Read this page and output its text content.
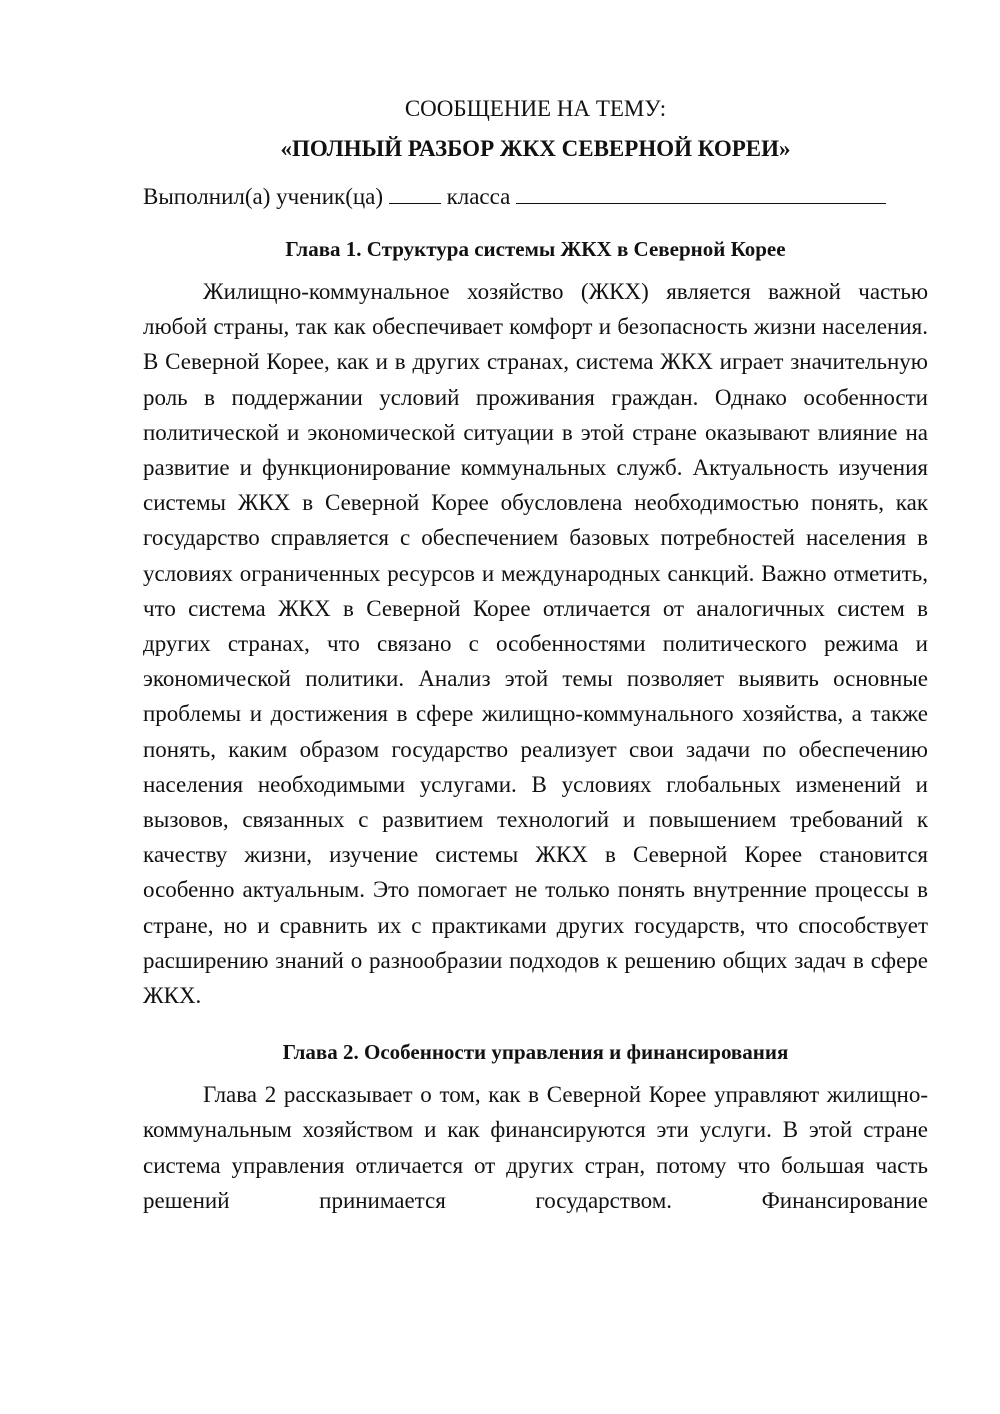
СООБЩЕНИЕ НА ТЕМУ:
«ПОЛНЫЙ РАЗБОР ЖКХ СЕВЕРНОЙ КОРЕИ»

Выполнил(а) ученик(ца)	класса

Глава 1. Структура системы ЖКХ в Северной Корее

Жилищно-коммунальное хозяйство (ЖКХ) является важной частью любой страны, так как обеспечивает комфорт и безопасность жизни населения. В Северной Корее, как и в других странах, система ЖКХ играет значительную роль в поддержании условий проживания граждан. Однако особенности политической и экономической ситуации в этой стране оказывают влияние на развитие и функционирование коммунальных служб. Актуальность изучения системы ЖКХ в Северной Корее обусловлена необходимостью понять, как государство справляется с обеспечением базовых потребностей населения в условиях ограниченных ресурсов и международных санкций. Важно отметить, что система ЖКХ в Северной Корее отличается от аналогичных систем в других странах, что связано с особенностями политического режима и экономической политики. Анализ этой темы позволяет выявить основные проблемы и достижения в сфере жилищно-коммунального хозяйства, а также понять, каким образом государство реализует свои задачи по обеспечению населения необходимыми услугами. В условиях глобальных изменений и вызовов, связанных с развитием технологий и повышением требований к качеству жизни, изучение системы ЖКХ в Северной Корее становится особенно актуальным. Это помогает не только понять внутренние процессы в стране, но и сравнить их с практиками других государств, что способствует расширению знаний о разнообразии подходов к решению общих задач в сфере ЖКХ.

Глава 2. Особенности управления и финансирования

Глава 2 рассказывает о том, как в Северной Корее управляют жилищно-коммунальным хозяйством и как финансируются эти услуги. В этой стране система управления отличается от других стран, потому что большая часть решений принимается государством. Финансирование
